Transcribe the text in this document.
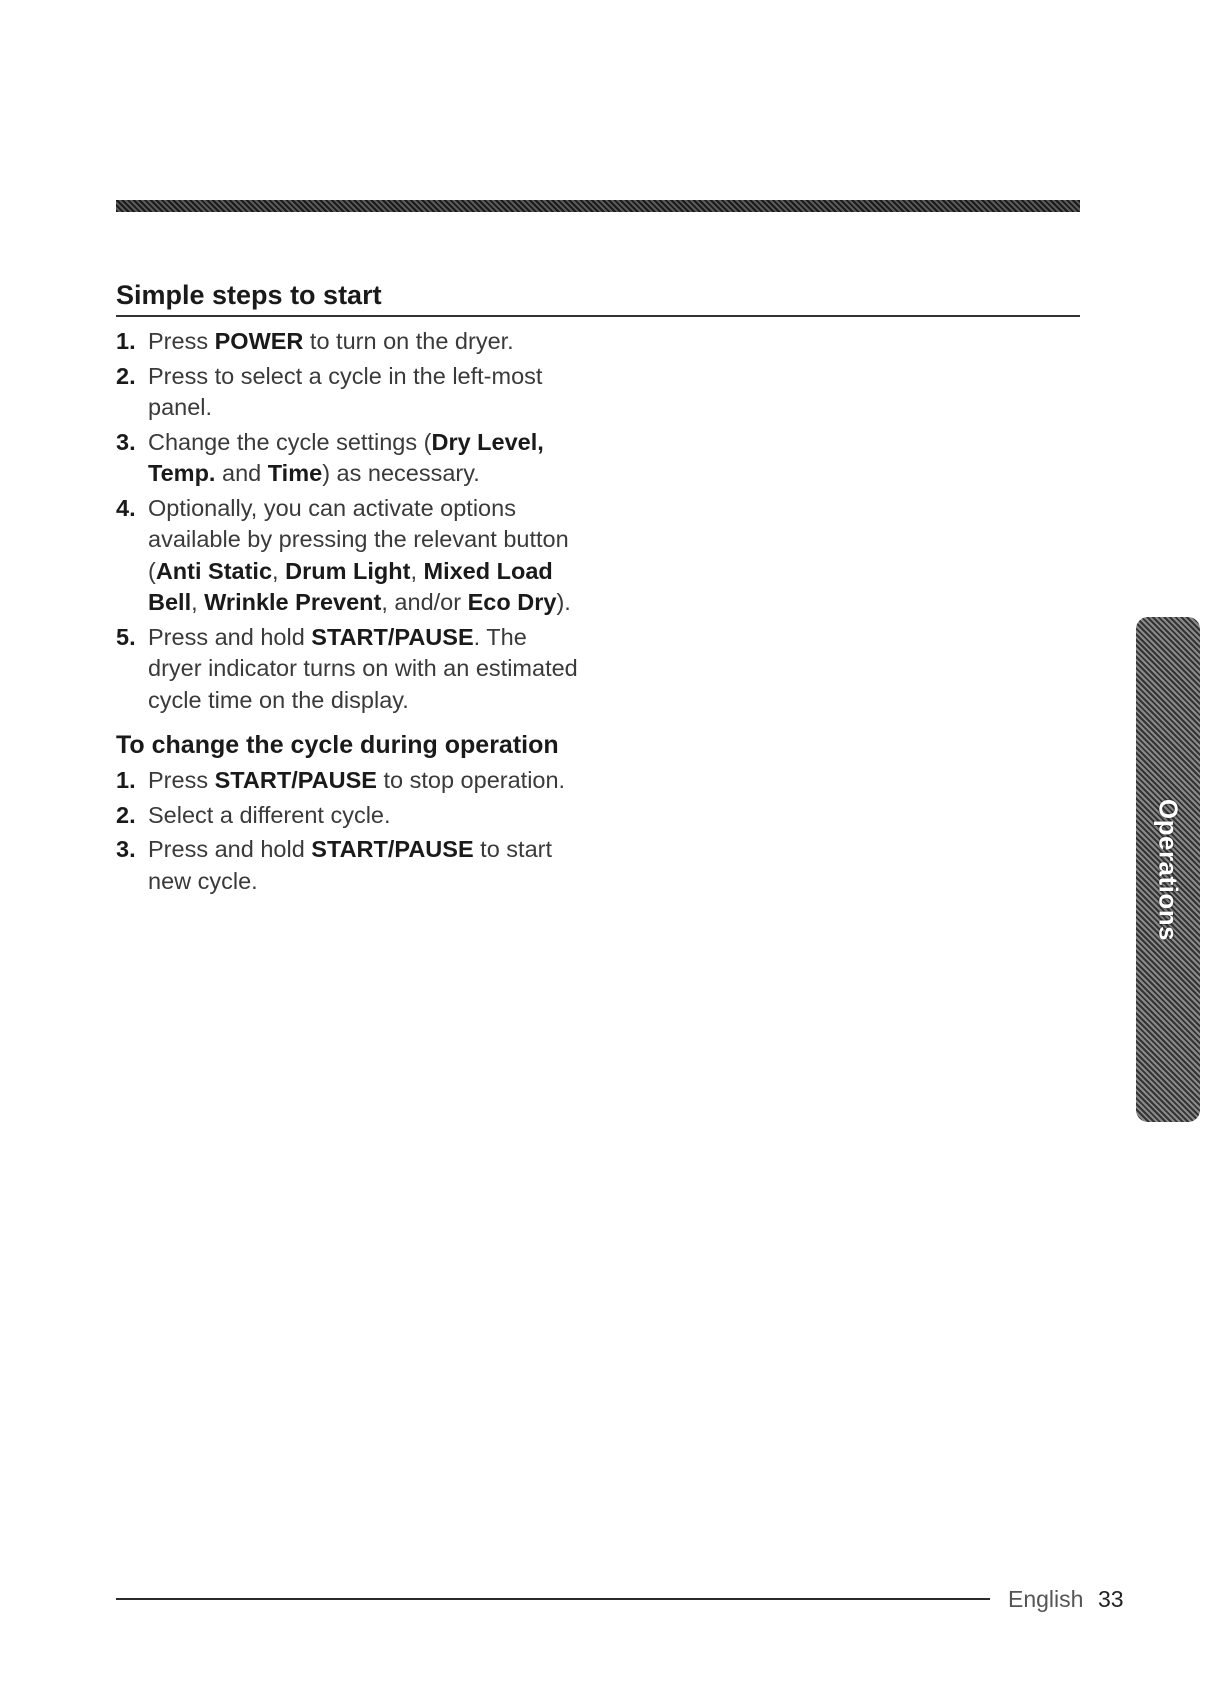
Simple steps to start
1. Press POWER to turn on the dryer.
2. Press to select a cycle in the left-most panel.
3. Change the cycle settings (Dry Level, Temp. and Time) as necessary.
4. Optionally, you can activate options available by pressing the relevant button (Anti Static, Drum Light, Mixed Load Bell, Wrinkle Prevent, and/or Eco Dry).
5. Press and hold START/PAUSE. The dryer indicator turns on with an estimated cycle time on the display.
To change the cycle during operation
1. Press START/PAUSE to stop operation.
2. Select a different cycle.
3. Press and hold START/PAUSE to start new cycle.	Operations
English 33
